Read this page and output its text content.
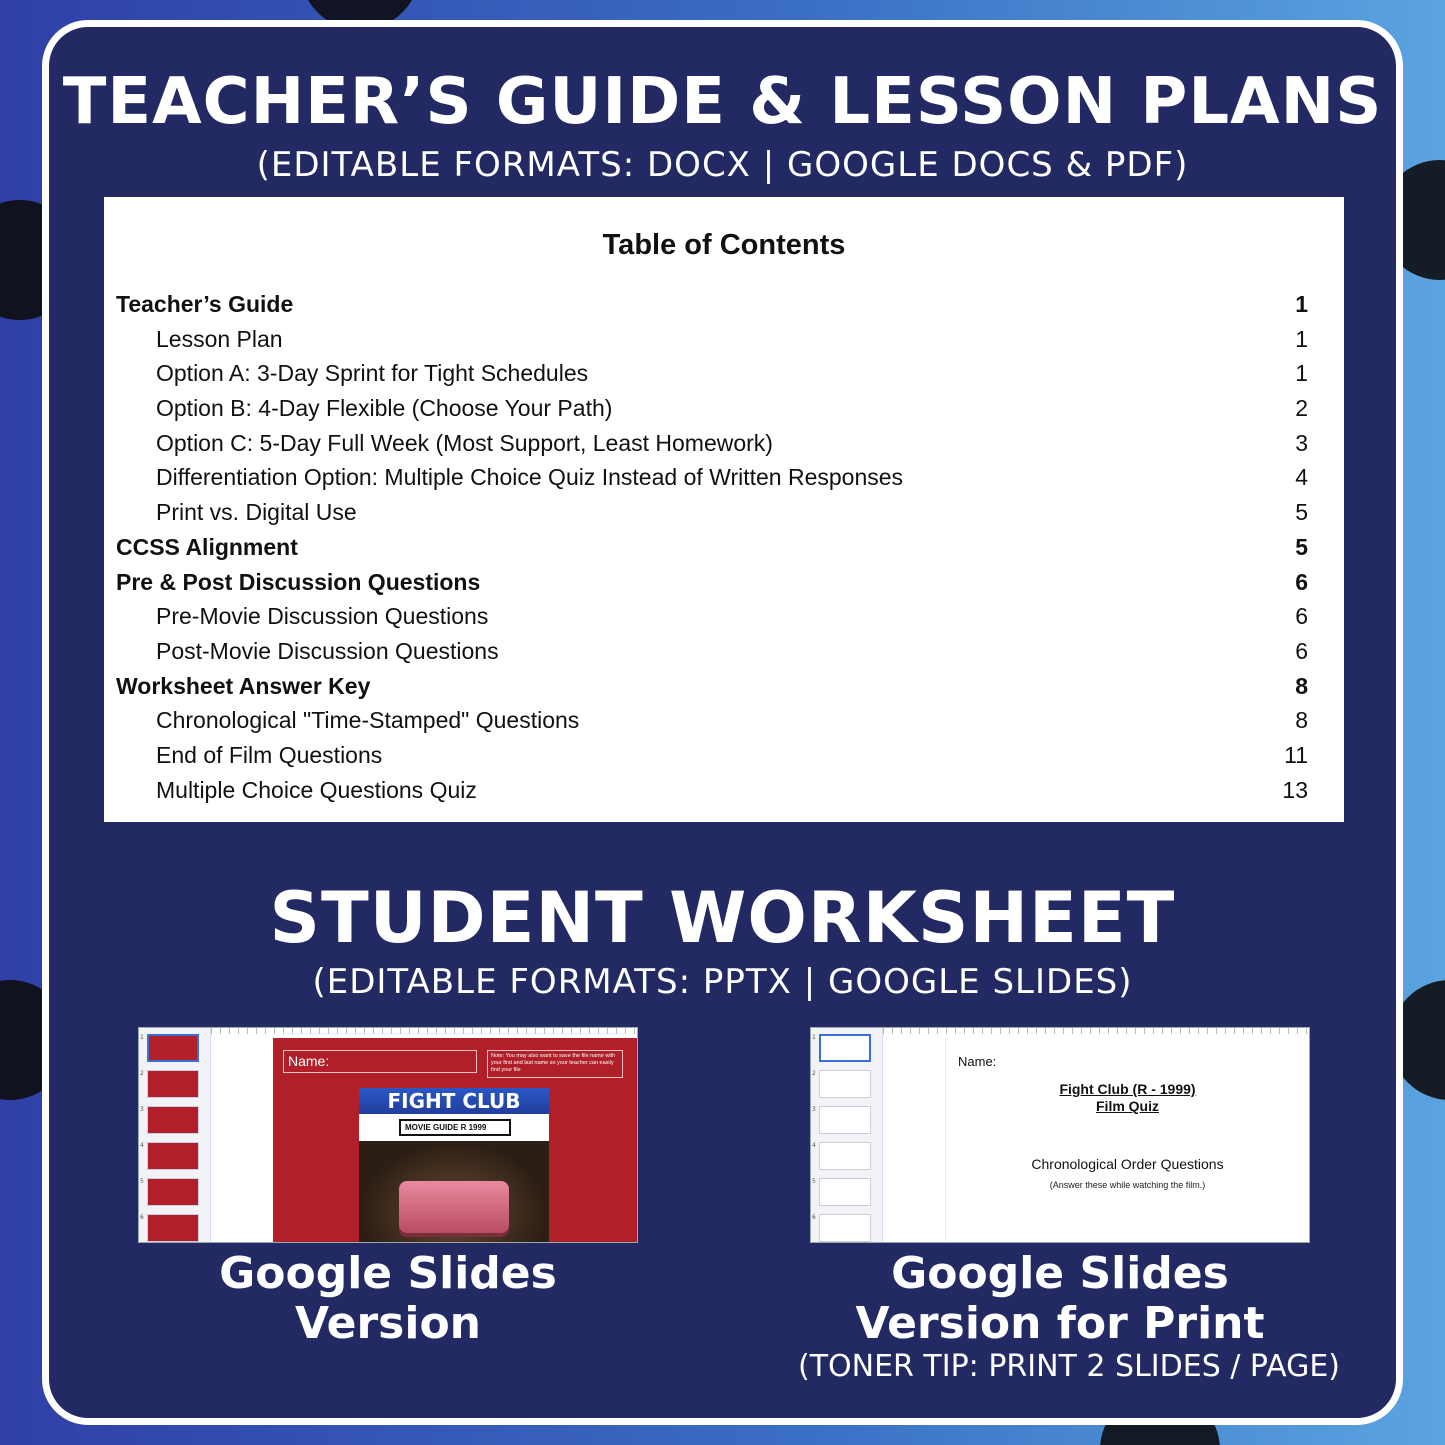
TEACHER’S GUIDE & LESSON PLANS
(EDITABLE FORMATS: DOCX | GOOGLE DOCS & PDF)
Table of Contents
Teacher’s Guide	1
Lesson Plan	1
Option A: 3-Day Sprint for Tight Schedules	1
Option B: 4-Day Flexible (Choose Your Path)	2
Option C: 5-Day Full Week (Most Support, Least Homework)	3
Differentiation Option: Multiple Choice Quiz Instead of Written Responses	4
Print vs. Digital Use	5
CCSS Alignment	5
Pre & Post Discussion Questions	6
Pre-Movie Discussion Questions	6
Post-Movie Discussion Questions	6
Worksheet Answer Key	8
Chronological "Time-Stamped" Questions	8
End of Film Questions	11
Multiple Choice Questions Quiz	13
STUDENT WORKSHEET
(EDITABLE FORMATS: PPTX | GOOGLE SLIDES)
1
2
3
4
5
6
Name:	Note: You may also want to save the file name with your first and last name so your teacher can easily find your file
FIGHT CLUB
MOVIE GUIDE R 1999
1
2
3
4
5
6
Name:
Fight Club (R - 1999)
Film Quiz
Chronological Order Questions
(Answer these while watching the film.)
Google Slides
Version
Google Slides
Version for Print
(TONER TIP: PRINT 2 SLIDES / PAGE)
